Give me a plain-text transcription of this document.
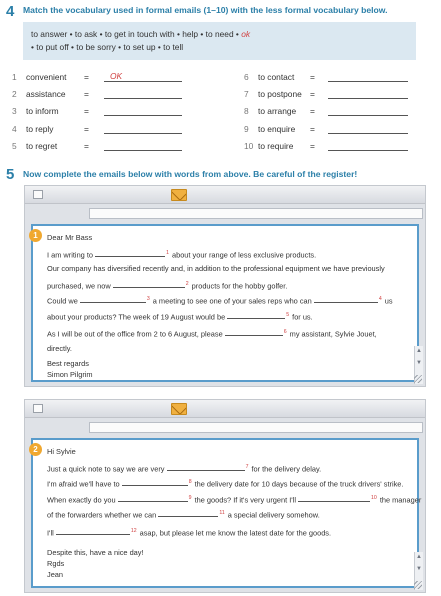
4 Match the vocabulary used in formal emails (1–10) with the less formal vocabulary below.
to answer • to ask • to get in touch with • help • to need • ok
• to put off • to be sorry • to set up • to tell
1	convenient =	OK
2	assistance =
3	to inform	=
4	to reply	=
5	to regret	=
6	to contact =
7	to postpone =
8	to arrange =
9	to enquire =
10 to require =
5 Now complete the emails below with words from above. Be careful of the register!
1	Dear Mr Bass
I am writing to	$^1$ about your range of less exclusive products.
Our company has diversified recently and, in addition to the professional equipment we have previously
purchased, we now	$^2$ products for the hobby golfer.
Could we	$^3$ a meeting to see one of your sales reps who can	$^4$ us
about your products? The week of 19 August would be	$^5$ for us.
As I will be out of the office from 2 to 6 August, please	$^6$ my assistant, Sylvie Jouet,
directly.
Best regards
Simon Pilgrim
▲
▼
2	Hi Sylvie
Just a quick note to say we are very	$^7$ for the delivery delay.
I'm afraid we'll have to	$^8$ the delivery date for 10 days because of the truck drivers' strike.
When exactly do you	$^9$ the goods? If it's very urgent I'll	$^{10}$ the manager
of the forwarders whether we can	$^{11}$ a special delivery somehow.
I'll	$^{12}$ asap, but please let me know the latest date for the goods.
Despite this, have a nice day!
Rgds
Jean
▲
▼
